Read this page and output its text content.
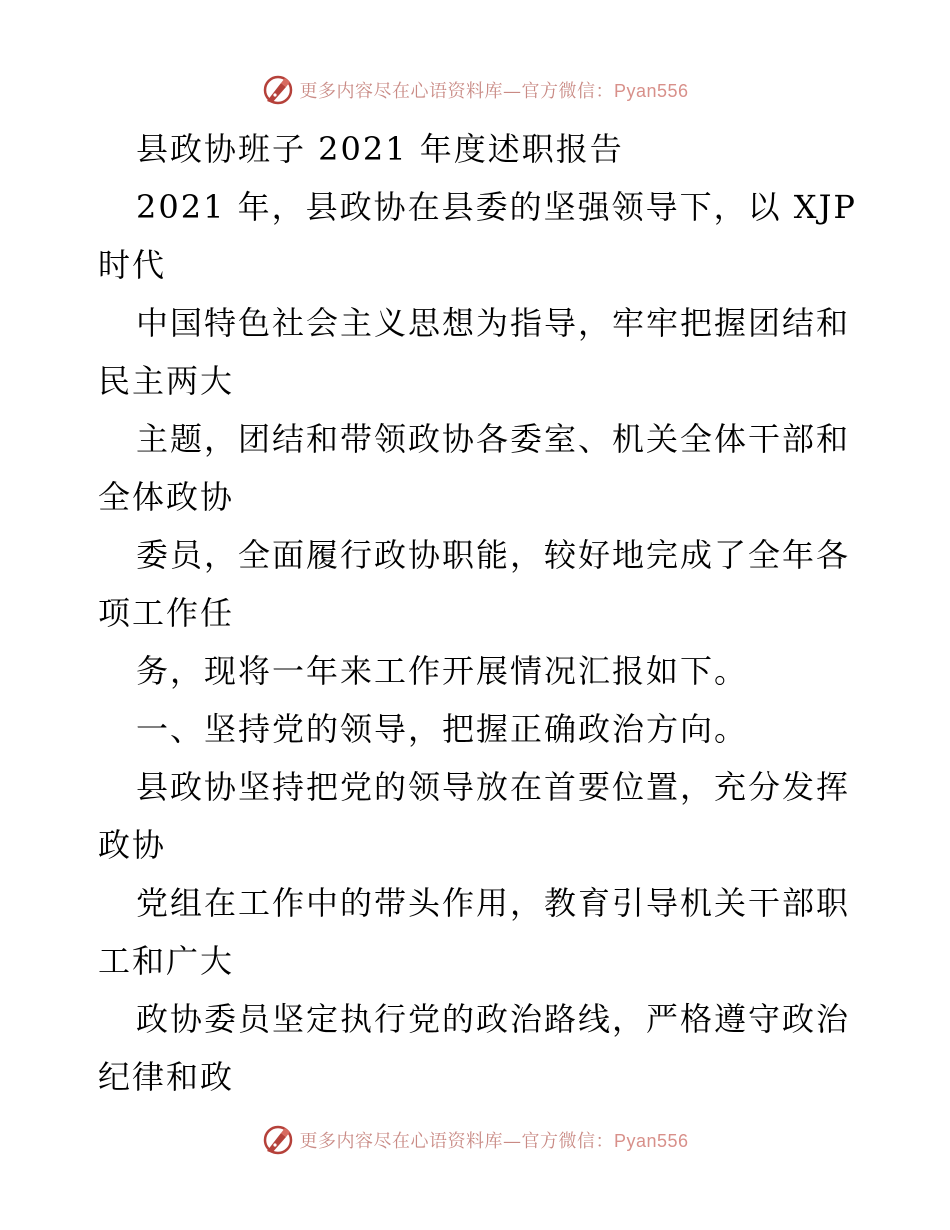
更多内容尽在心语资料库—官方微信：Pyan556
县政协班子 2021 年度述职报告
2021 年，县政协在县委的坚强领导下，以 XJP
时代
中国特色社会主义思想为指导，牢牢把握团结和
民主两大
主题，团结和带领政协各委室、机关全体干部和
全体政协
委员，全面履行政协职能，较好地完成了全年各
项工作任
务，现将一年来工作开展情况汇报如下。
一、坚持党的领导，把握正确政治方向。
县政协坚持把党的领导放在首要位置，充分发挥
政协
党组在工作中的带头作用，教育引导机关干部职
工和广大
政协委员坚定执行党的政治路线，严格遵守政治
纪律和政
更多内容尽在心语资料库—官方微信：Pyan556
